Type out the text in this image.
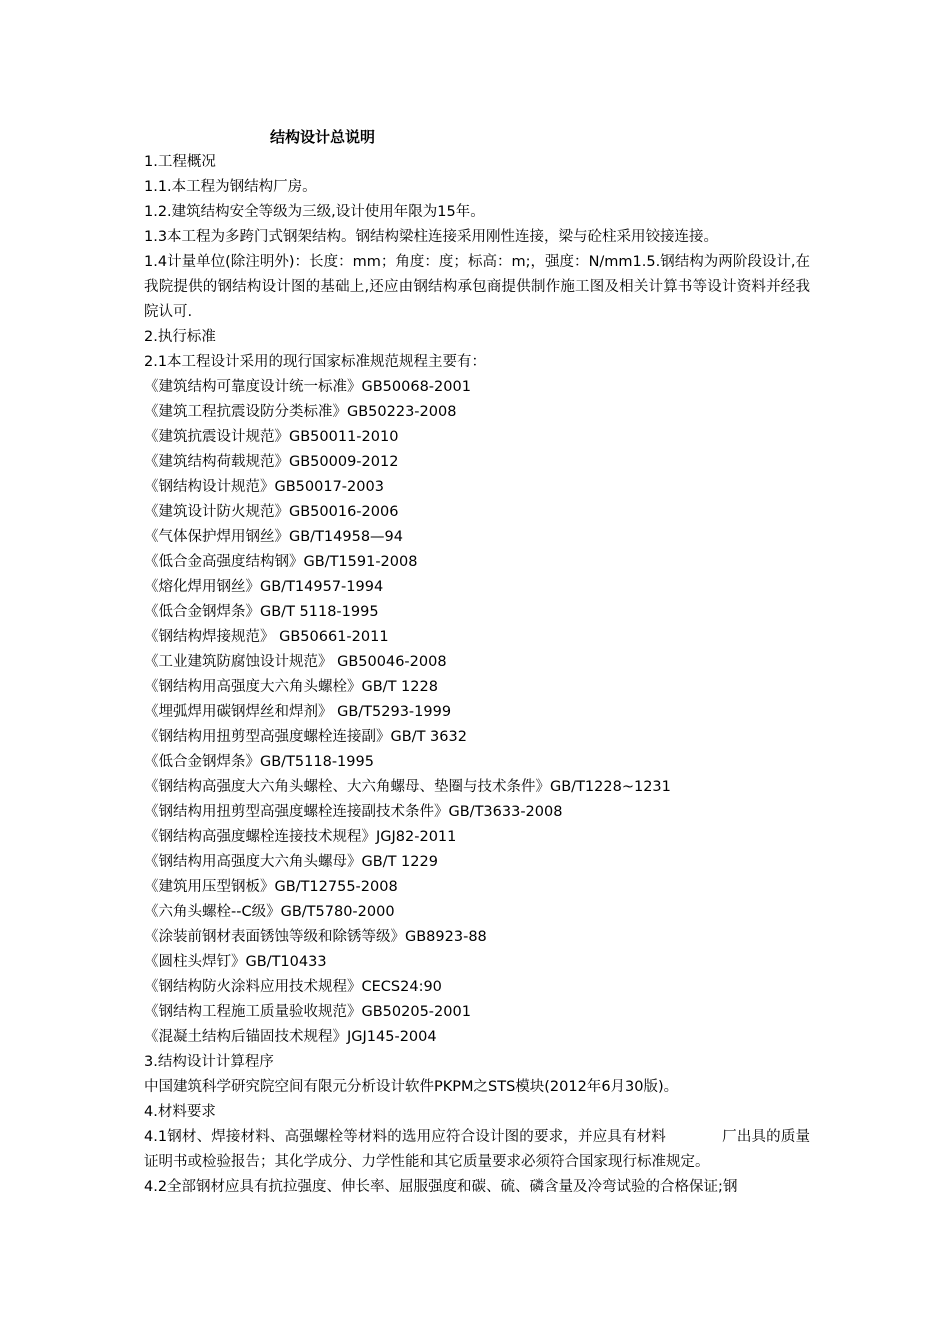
结构设计总说明
1.工程概况
1.1.本工程为钢结构厂房。
1.2.建筑结构安全等级为三级,设计使用年限为15年。
1.3本工程为多跨门式钢架结构。钢结构梁柱连接采用刚性连接，梁与砼柱采用铰接连接。
1.4计量单位(除注明外)：长度：mm；角度：度；标高：m;，强度：N/mm1.5.钢结构为两阶段设计,在我院提供的钢结构设计图的基础上,还应由钢结构承包商提供制作施工图及相关计算书等设计资料并经我院认可.
2.执行标准
2.1本工程设计采用的现行国家标准规范规程主要有：
《建筑结构可靠度设计统一标准》GB50068-2001
《建筑工程抗震设防分类标准》GB50223-2008
《建筑抗震设计规范》GB50011-2010
《建筑结构荷载规范》GB50009-2012
《钢结构设计规范》GB50017-2003
《建筑设计防火规范》GB50016-2006
《气体保护焊用钢丝》GB/T14958—94
《低合金高强度结构钢》GB/T1591-2008
《熔化焊用钢丝》GB/T14957-1994
《低合金钢焊条》GB/T 5118-1995
《钢结构焊接规范》 GB50661-2011
《工业建筑防腐蚀设计规范》 GB50046-2008
《钢结构用高强度大六角头螺栓》GB/T 1228
《埋弧焊用碳钢焊丝和焊剂》 GB/T5293-1999
《钢结构用扭剪型高强度螺栓连接副》GB/T 3632
《低合金钢焊条》GB/T5118-1995
《钢结构高强度大六角头螺栓、大六角螺母、垫圈与技术条件》GB/T1228~1231
《钢结构用扭剪型高强度螺栓连接副技术条件》GB/T3633-2008
《钢结构高强度螺栓连接技术规程》JGJ82-2011
《钢结构用高强度大六角头螺母》GB/T 1229
《建筑用压型钢板》GB/T12755-2008
《六角头螺栓--C级》GB/T5780-2000
《涂装前钢材表面锈蚀等级和除锈等级》GB8923-88
《圆柱头焊钉》GB/T10433
《钢结构防火涂料应用技术规程》CECS24:90
《钢结构工程施工质量验收规范》GB50205-2001
《混凝土结构后锚固技术规程》JGJ145-2004
3.结构设计计算程序
中国建筑科学研究院空间有限元分析设计软件PKPM之STS模块(2012年6月30版)。
4.材料要求
4.1钢材、焊接材料、高强螺栓等材料的选用应符合设计图的要求，并应具有材料	厂出具的质量证明书或检验报告；其化学成分、力学性能和其它质量要求必须符合国家现行标准规定。
4.2全部钢材应具有抗拉强度、伸长率、屈服强度和碳、硫、磷含量及冷弯试验的合格保证;钢
